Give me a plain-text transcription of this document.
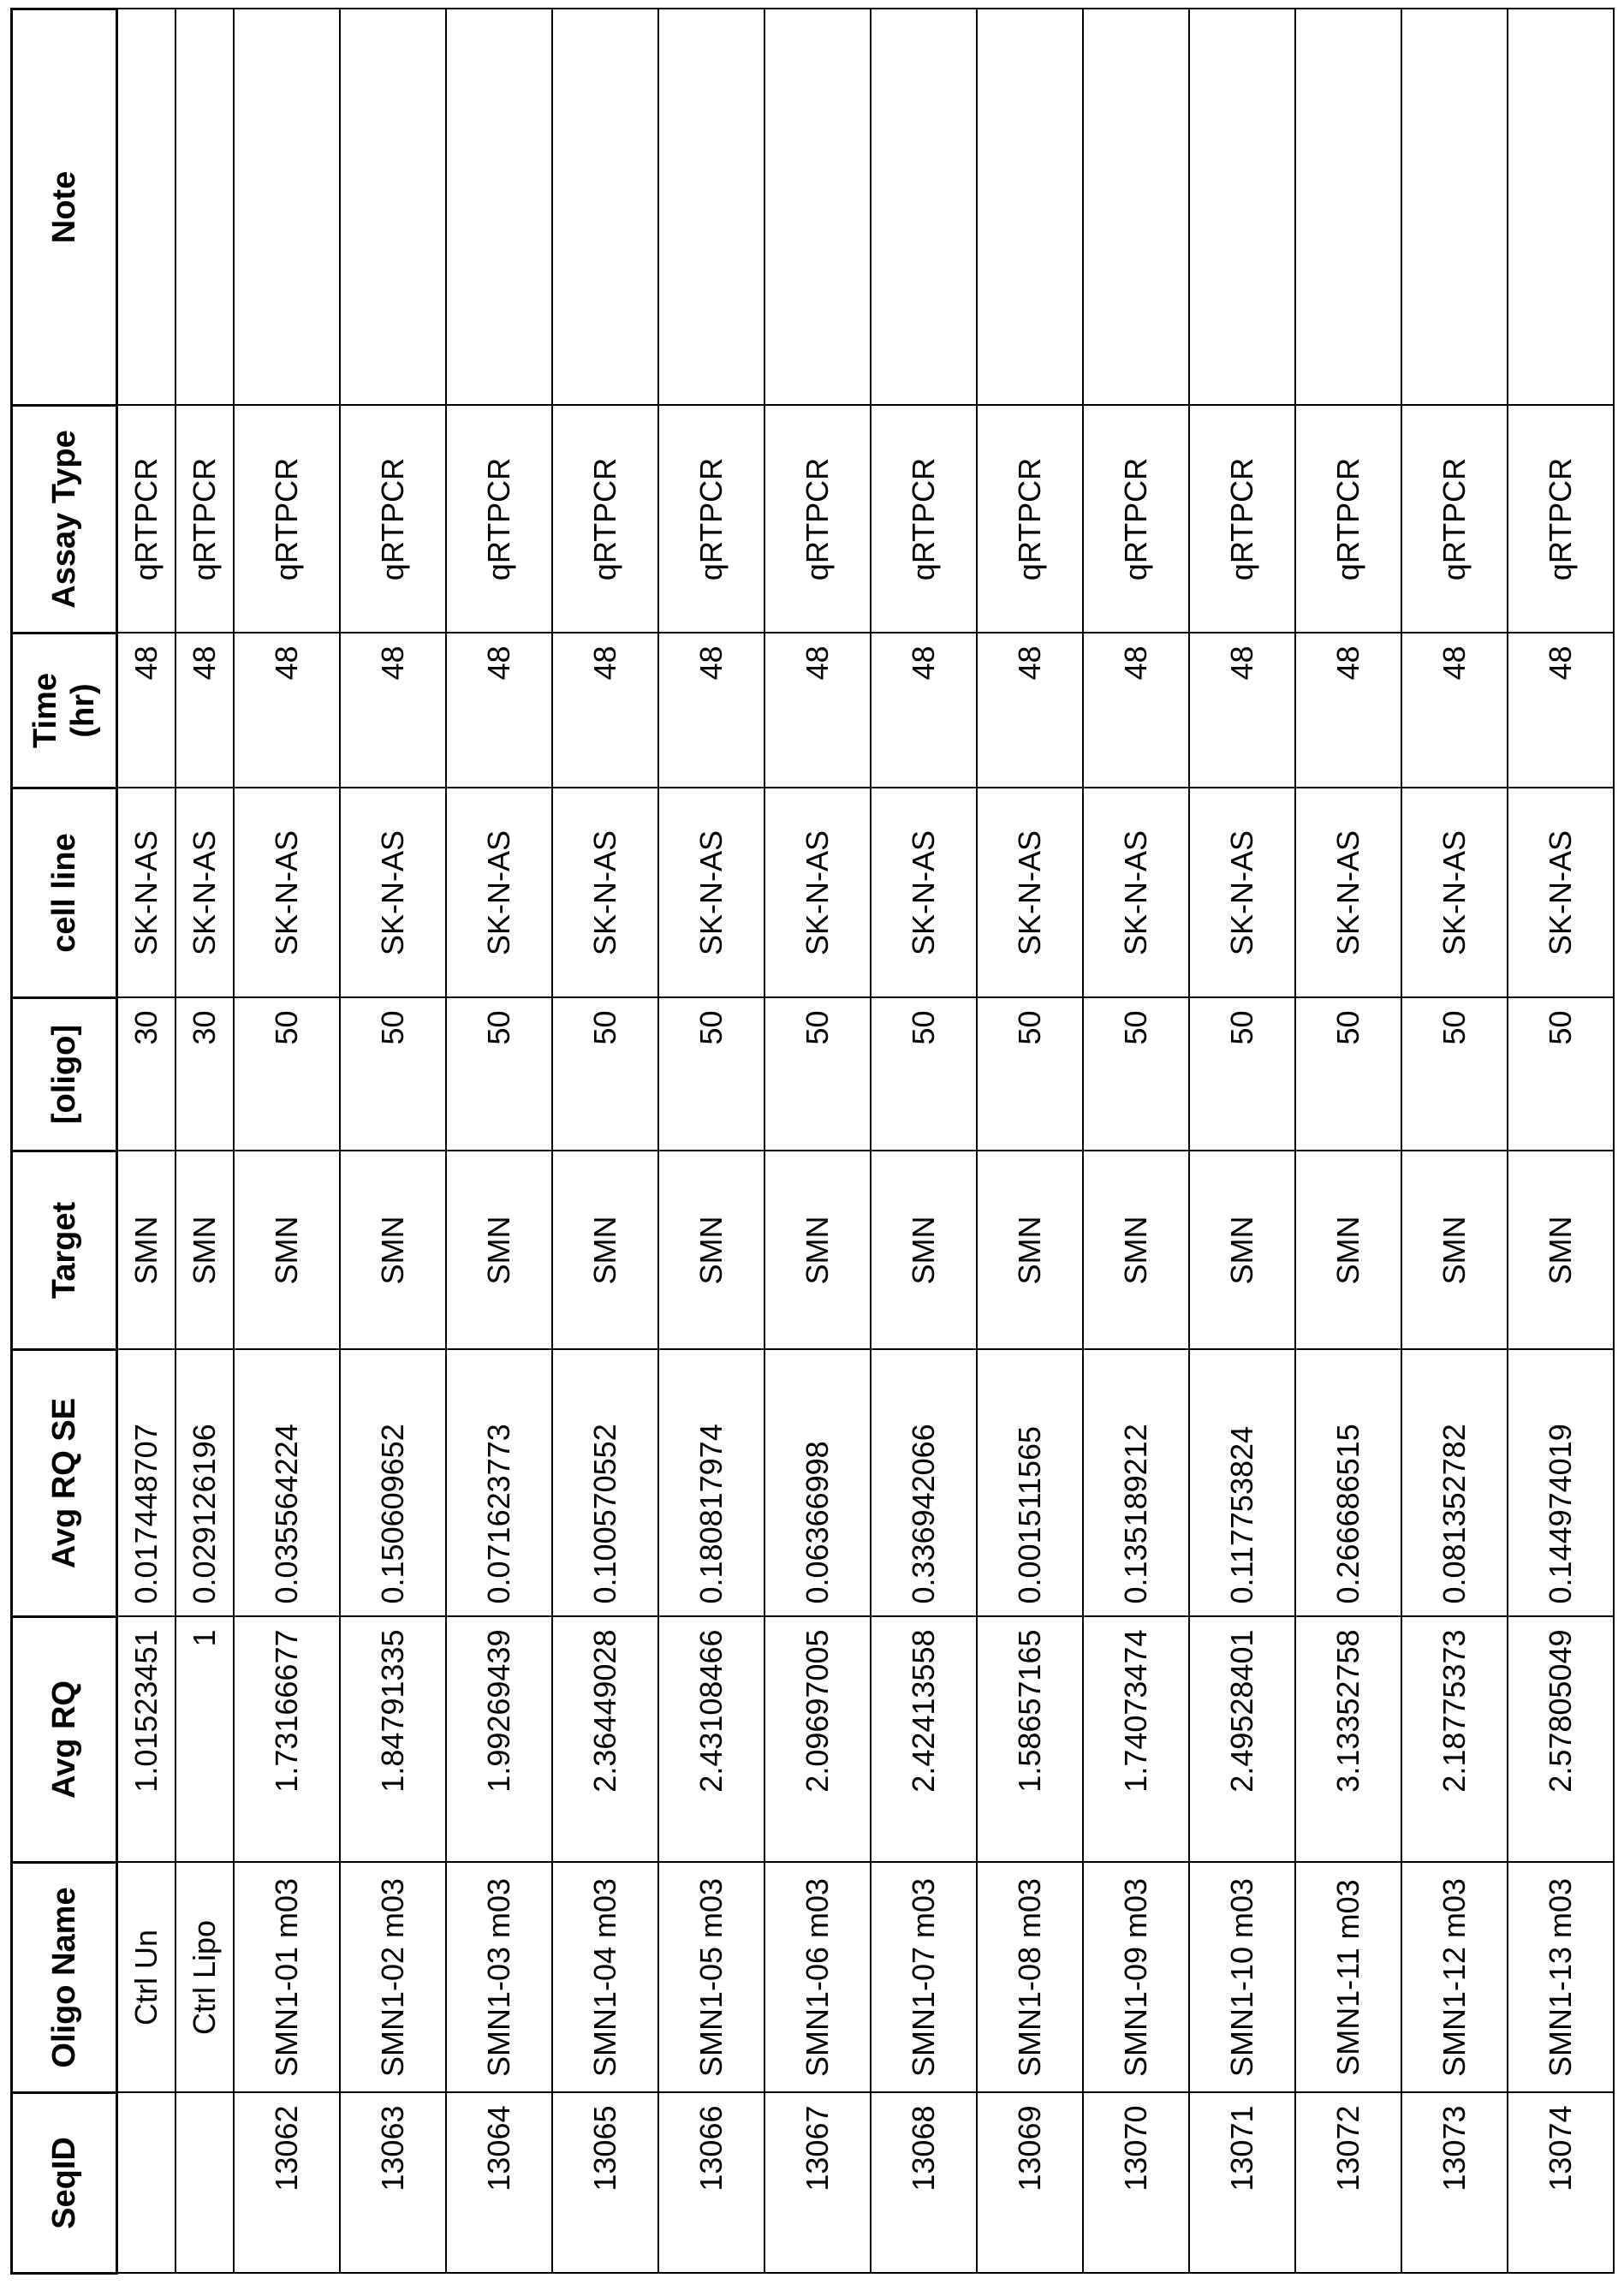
SeqID	Oligo Name	Avg RQ	Avg RQ SE	Target	[oligo]	cell line	Time (hr)	Assay Type	Note
	Ctrl Un	1.01523451	0.017448707	SMN	30	SK-N-AS	48	qRTPCR	
	Ctrl Lipo	1	0.029126196	SMN	30	SK-N-AS	48	qRTPCR	
13062	SMN1-01 m03	1.73166677	0.035564224	SMN	50	SK-N-AS	48	qRTPCR	
13063	SMN1-02 m03	1.84791335	0.150609652	SMN	50	SK-N-AS	48	qRTPCR	
13064	SMN1-03 m03	1.99269439	0.071623773	SMN	50	SK-N-AS	48	qRTPCR	
13065	SMN1-04 m03	2.36449028	0.100570552	SMN	50	SK-N-AS	48	qRTPCR	
13066	SMN1-05 m03	2.43108466	0.180817974	SMN	50	SK-N-AS	48	qRTPCR	
13067	SMN1-06 m03	2.09697005	0.06366998	SMN	50	SK-N-AS	48	qRTPCR	
13068	SMN1-07 m03	2.42413558	0.336942066	SMN	50	SK-N-AS	48	qRTPCR	
13069	SMN1-08 m03	1.58657165	0.001511565	SMN	50	SK-N-AS	48	qRTPCR	
13070	SMN1-09 m03	1.74073474	0.135189212	SMN	50	SK-N-AS	48	qRTPCR	
13071	SMN1-10 m03	2.49528401	0.117753824	SMN	50	SK-N-AS	48	qRTPCR	
13072	SMN1-11 m03	3.13352758	0.266686515	SMN	50	SK-N-AS	48	qRTPCR	
13073	SMN1-12 m03	2.18775373	0.081352782	SMN	50	SK-N-AS	48	qRTPCR	
13074	SMN1-13 m03	2.57805049	0.144974019	SMN	50	SK-N-AS	48	qRTPCR	
